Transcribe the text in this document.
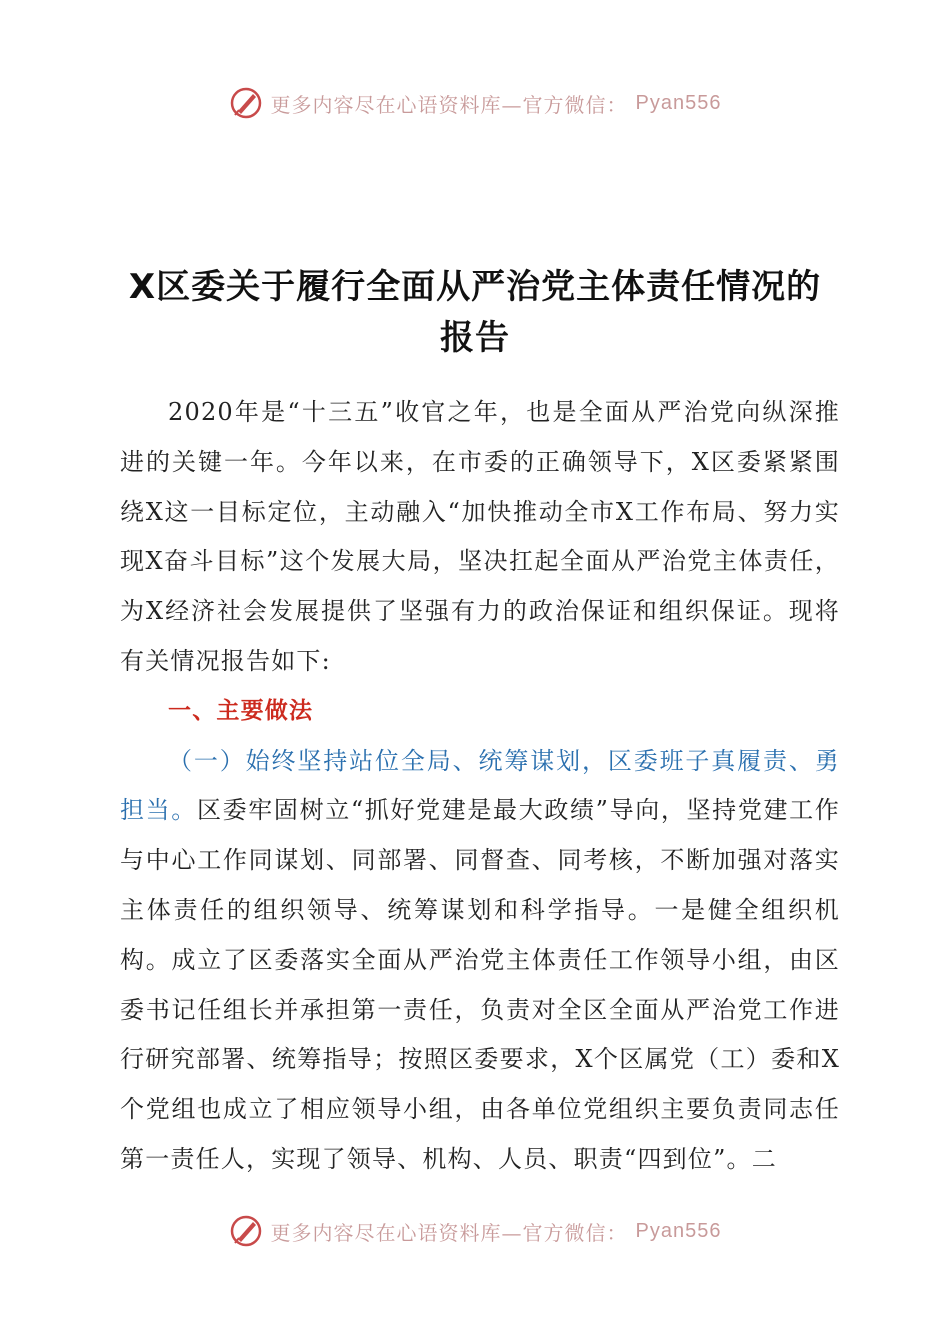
更多内容尽在心语资料库—官方微信： Pyan556
X区委关于履行全面从严治党主体责任情况的
报告

2020年是“十三五”收官之年，也是全面从严治党向纵深推进的关键一年。今年以来，在市委的正确领导下，X区委紧紧围绕X这一目标定位，主动融入“加快推动全市X工作布局、努力实现X奋斗目标”这个发展大局，坚决扛起全面从严治党主体责任，为X经济社会发展提供了坚强有力的政治保证和组织保证。现将有关情况报告如下:

一、主要做法

（一）始终坚持站位全局、统筹谋划，区委班子真履责、勇担当。区委牢固树立“抓好党建是最大政绩”导向，坚持党建工作与中心工作同谋划、同部署、同督查、同考核，不断加强对落实主体责任的组织领导、统筹谋划和科学指导。一是健全组织机构。成立了区委落实全面从严治党主体责任工作领导小组，由区委书记任组长并承担第一责任，负责对全区全面从严治党工作进行研究部署、统筹指导；按照区委要求，X个区属党（工）委和X个党组也成立了相应领导小组，由各单位党组织主要负责同志任第一责任人，实现了领导、机构、人员、职责“四到位”。二

更多内容尽在心语资料库—官方微信： Pyan556
